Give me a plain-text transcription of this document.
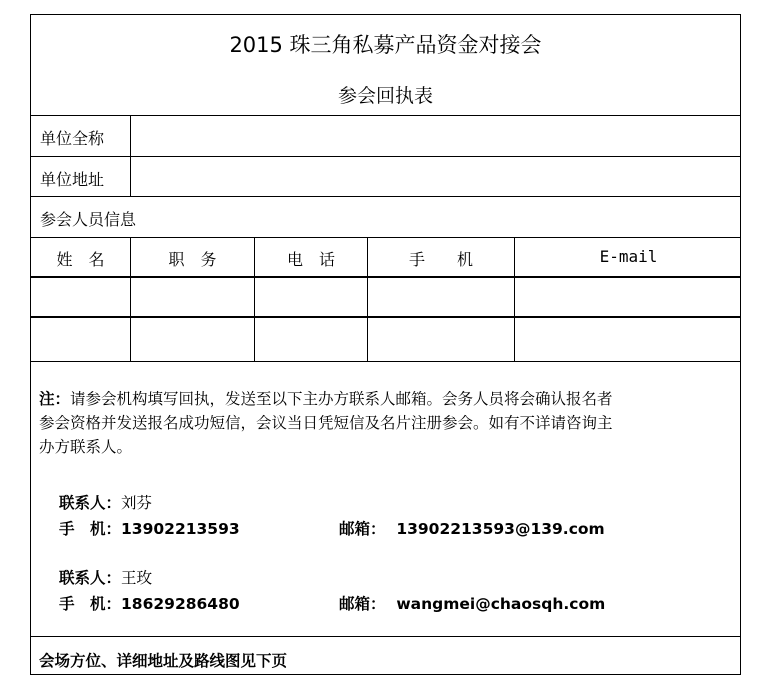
2015 珠三角私募产品资金对接会
参会回执表
单位全称
单位地址
参会人员信息
姓　名	职　务	电　话	手　　机	E-mail
注：请参会机构填写回执，发送至以下主办方联系人邮箱。会务人员将会确认报名者
参会资格并发送报名成功短信，会议当日凭短信及名片注册参会。如有不详请咨询主
办方联系人。
联系人：刘芬
手　机：13902213593	邮箱： 13902213593@139.com
联系人：王玫
手　机：18629286480	邮箱： wangmei@chaosqh.com
会场方位、详细地址及路线图见下页
